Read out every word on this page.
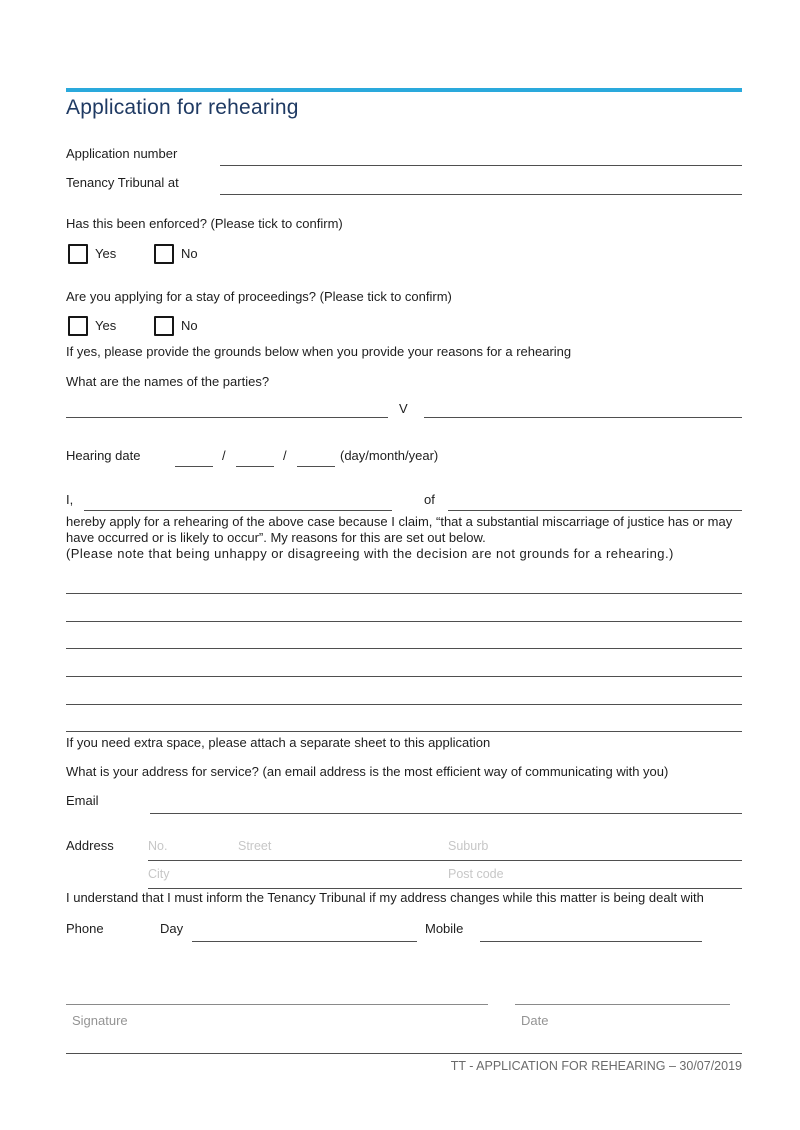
Application for rehearing
Application number
Tenancy Tribunal at
Has this been enforced? (Please tick to confirm)
Yes	No
Are you applying for a stay of proceedings? (Please tick to confirm)
Yes	No
If yes, please provide the grounds below when you provide your reasons for a rehearing
What are the names of the parties?
V
Hearing date	/	/	(day/month/year)
I,	of
hereby apply for a rehearing of the above case because I claim, “that a substantial miscarriage of justice has or may have occurred or is likely to occur”. My reasons for this are set out below.
(Please note that being unhappy or disagreeing with the decision are not grounds for a rehearing.)
If you need extra space, please attach a separate sheet to this application
What is your address for service? (an email address is the most efficient way of communicating with you)
Email
Address	No.	Street	Suburb
City	Post code
I understand that I must inform the Tenancy Tribunal if my address changes while this matter is being dealt with
Phone	Day	Mobile
Signature	Date
TT - APPLICATION FOR REHEARING – 30/07/2019
